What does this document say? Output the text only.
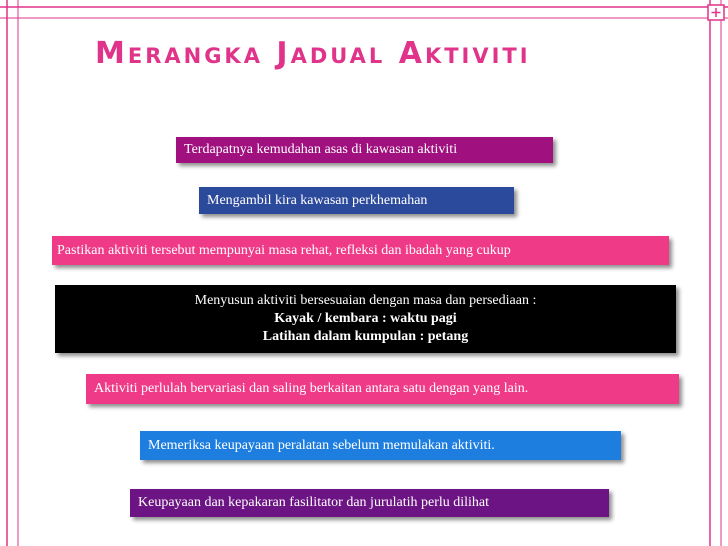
Merangka Jadual Aktiviti
Terdapatnya kemudahan asas di kawasan aktiviti
Mengambil kira kawasan perkhemahan
Pastikan aktiviti tersebut mempunyai masa rehat, refleksi dan ibadah yang cukup
Menyusun aktiviti bersesuaian dengan masa dan persediaan :
Kayak / kembara : waktu pagi
Latihan dalam kumpulan : petang
Aktiviti perlulah bervariasi dan saling berkaitan antara satu dengan yang lain.
Memeriksa keupayaan peralatan sebelum memulakan aktiviti.
Keupayaan dan kepakaran fasilitator dan jurulatih perlu dilihat
